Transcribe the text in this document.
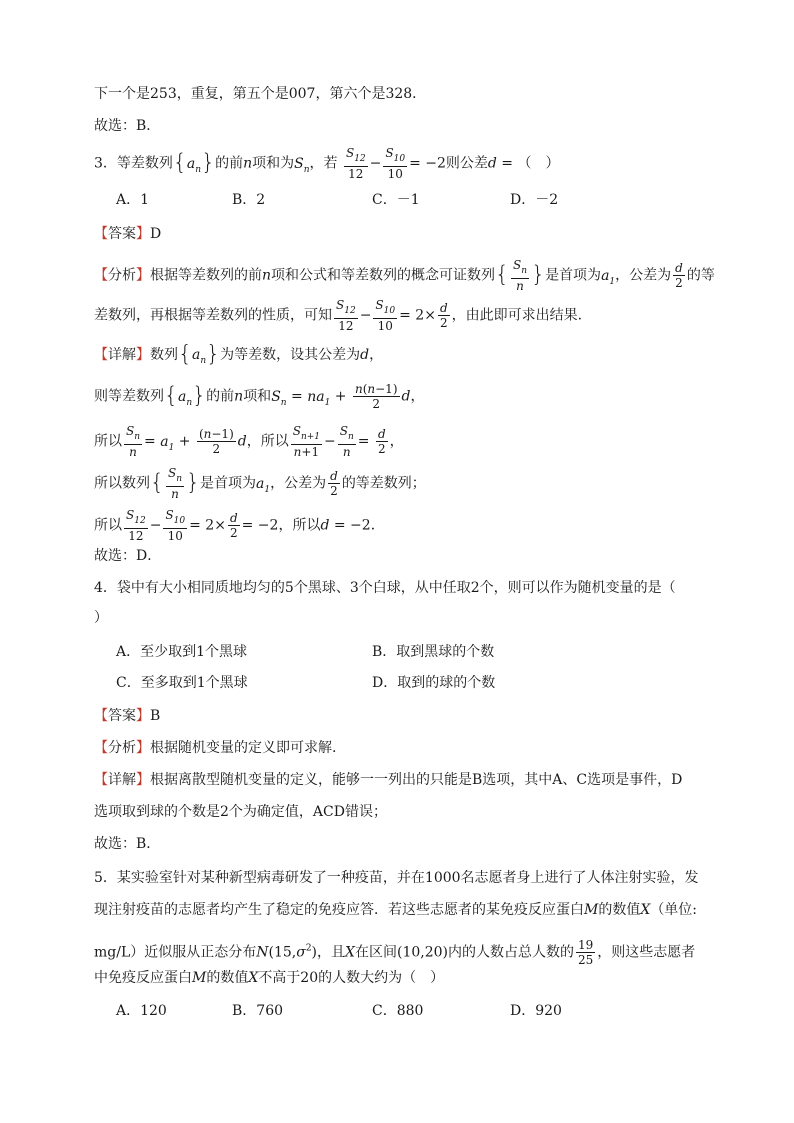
下一个是253，重复，第五个是007，第六个是328．
故选：B．
3．等差数列$\{a_n\}$的前n项和为$S_n$，若 $\frac{S_{12}}{12} - \frac{S_{10}}{10} = -2$则公差d = （　）
A．1	B．2	C．－1	D．－2
【答案】D
【分析】根据等差数列的前n项和公式和等差数列的概念可证数列{ $\frac{S_n}{n}$ }是首项为$a_1$，公差为 $\frac{d}{2}$ 的等
差数列，再根据等差数列的性质，可知 $\frac{S_{12}}{12} - \frac{S_{10}}{10} = 2\times \frac{d}{2}$ ，由此即可求出结果.
【详解】数列$\{a_n\}$为等差数，设其公差为d，
则等差数列$\{a_n\}$的前n项和$S_n = na_1 + \frac{n(n-1)}{2}$ d，
所以 $\frac{S_n}{n} = a_1 + \frac{(n-1)}{2}$ d，所以 $\frac{S_{n+1}}{n+1} - \frac{S_n}{n} = \frac{d}{2}$ ，
所以数列{ $\frac{S_n}{n}$ }是首项为$a_1$，公差为 $\frac{d}{2}$ 的等差数列；
所以 $\frac{S_{12}}{12} - \frac{S_{10}}{10} = 2\times \frac{d}{2} = -2$，所以d = −2．
故选：D．
4．袋中有大小相同质地均匀的5个黑球、3个白球，从中任取2个，则可以作为随机变量的是（
）
A．至少取到1个黑球	B．取到黑球的个数
C．至多取到1个黑球	D．取到的球的个数
【答案】B
【分析】根据随机变量的定义即可求解.
【详解】根据离散型随机变量的定义，能够一一列出的只能是B选项，其中A、C选项是事件，D
选项取到球的个数是2个为确定值，ACD错误；
故选：B．
5．某实验室针对某种新型病毒研发了一种疫苗，并在1000名志愿者身上进行了人体注射实验，发
现注射疫苗的志愿者均产生了稳定的免疫应答．若这些志愿者的某免疫反应蛋白M的数值X（单位:
mg/L）近似服从正态分布$N(15,\sigma^2)$，且X在区间(10,20)内的人数占总人数的 $\frac{19}{25}$ ，则这些志愿者
中免疫反应蛋白M的数值X不高于20的人数大约为（　）
A．120	B．760	C．880	D．920
